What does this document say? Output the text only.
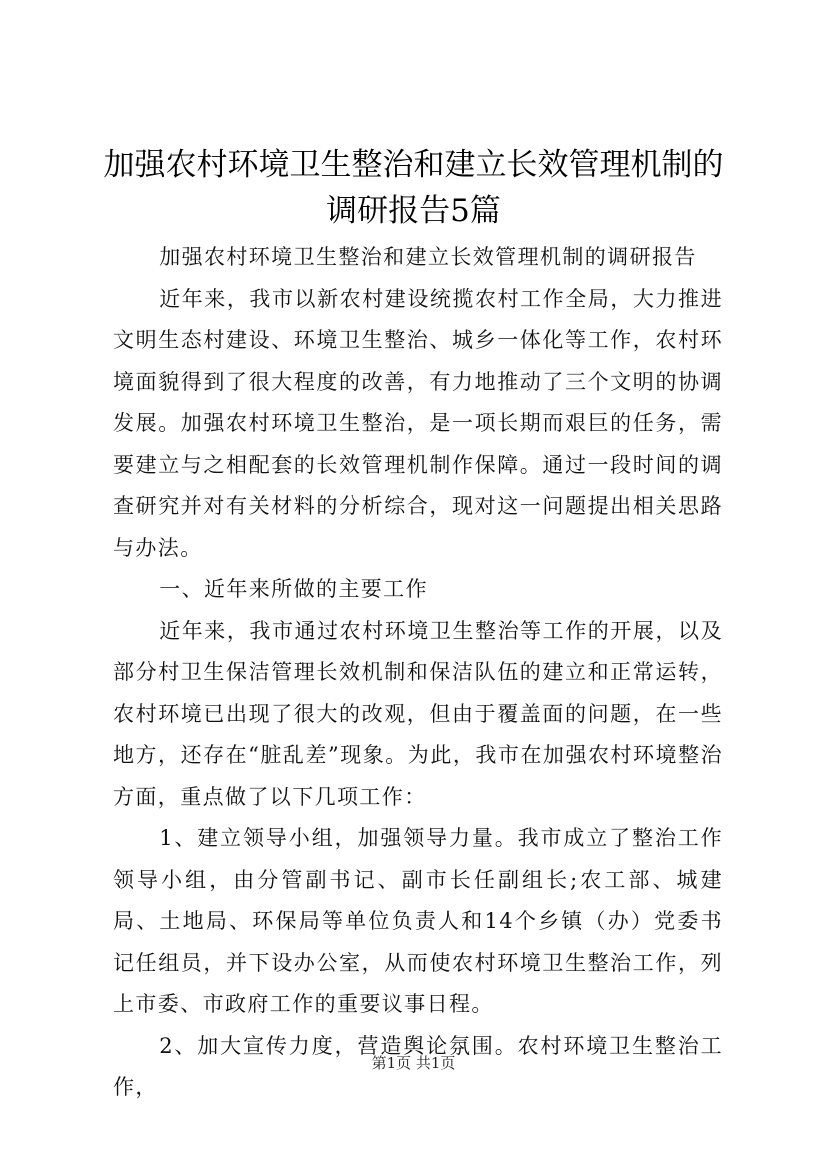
加强农村环境卫生整治和建立长效管理机制的
调研报告5篇

加强农村环境卫生整治和建立长效管理机制的调研报告

近年来，我市以新农村建设统揽农村工作全局，大力推进文明生态村建设、环境卫生整治、城乡一体化等工作，农村环境面貌得到了很大程度的改善，有力地推动了三个文明的协调发展。加强农村环境卫生整治，是一项长期而艰巨的任务，需要建立与之相配套的长效管理机制作保障。通过一段时间的调查研究并对有关材料的分析综合，现对这一问题提出相关思路与办法。

一、近年来所做的主要工作

近年来，我市通过农村环境卫生整治等工作的开展，以及部分村卫生保洁管理长效机制和保洁队伍的建立和正常运转，农村环境已出现了很大的改观，但由于覆盖面的问题，在一些地方，还存在“脏乱差”现象。为此，我市在加强农村环境整治方面，重点做了以下几项工作：

1、建立领导小组，加强领导力量。我市成立了整治工作领导小组，由分管副书记、副市长任副组长;农工部、城建局、土地局、环保局等单位负责人和14个乡镇（办）党委书记任组员，并下设办公室，从而使农村环境卫生整治工作，列上市委、市政府工作的重要议事日程。

2、加大宣传力度，营造舆论氛围。农村环境卫生整治工作，

第1页 共1页
